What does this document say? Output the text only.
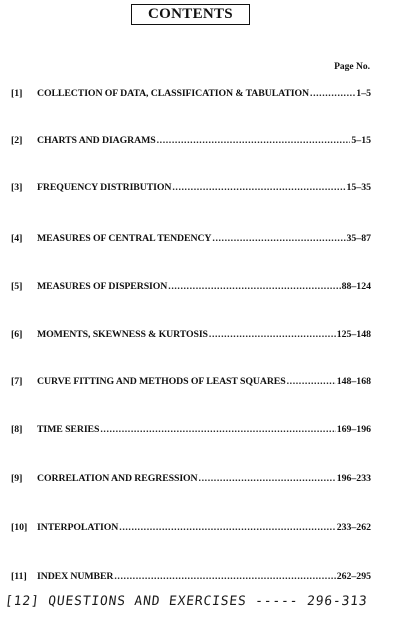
CONTENTS
Page No.
[1]	COLLECTION OF DATA, CLASSIFICATION & TABULATION .....	1–5
[2]	CHARTS AND DIAGRAMS .....	5–15
[3]	FREQUENCY DISTRIBUTION .....	15–35
[4]	MEASURES OF CENTRAL TENDENCY .....	35–87
[5]	MEASURES OF DISPERSION .....	88–124
[6]	MOMENTS, SKEWNESS & KURTOSIS .....	125–148
[7]	CURVE FITTING AND METHODS OF LEAST SQUARES .....	148–168
[8]	TIME SERIES .....	169–196
[9]	CORRELATION AND REGRESSION .....	196–233
[10] INTERPOLATION .....	233–262
[11]	INDEX NUMBER .....	262–295
[12] QUESTIONS AND EXERCISES ----- 296-313
